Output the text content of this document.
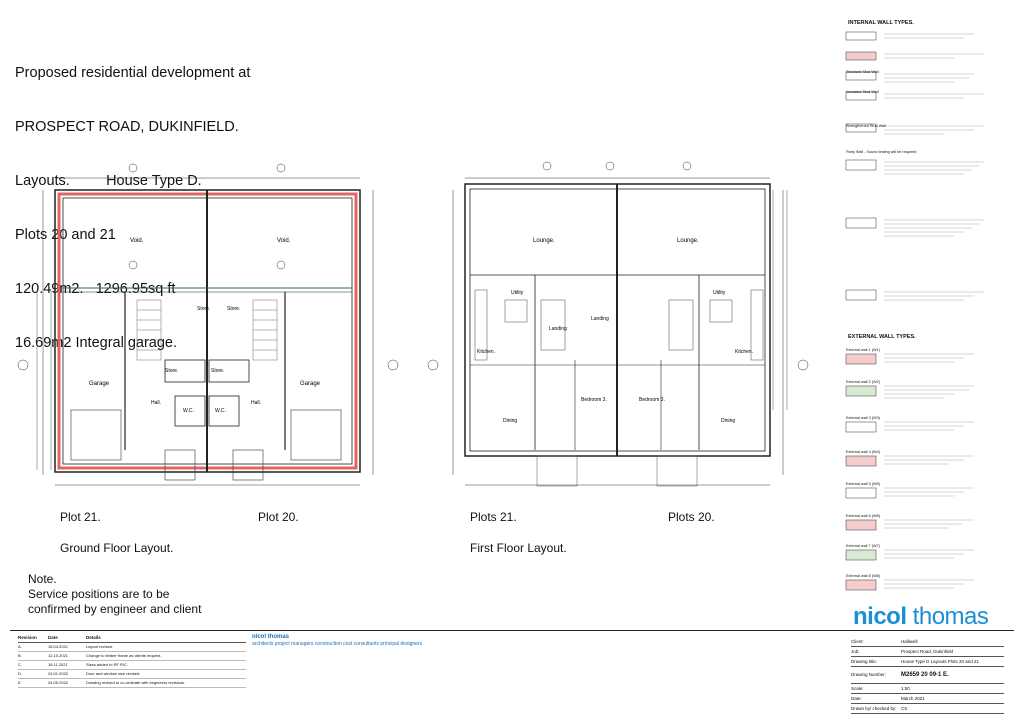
Proposed residential development at

PROSPECT ROAD, DUKINFIELD.

Layouts.         House Type D.

Plots 20 and 21

120.49m2.   1296.95sq ft

16.69m2 Integral garage.

Void.	Void.
Garage	Garage
Store.	Store.
Store.	Store.
Hall.	Hall.
W.C.	W.C.
Lounge.	Lounge.
Kitchen.	Kitchen.
Utility	Utility
Landing
Landing
Bedroom 3.	Bedroom 3.
Dining	Dining
Plot 21.	Plot 20.
Ground Floor Layout.
Plots 21.	Plots 20.
First Floor Layout.
Note.
Service positions are to be
confirmed by engineer and client
INTERNAL WALL TYPES.
Standard Stud Wall
Insulated Stud Wall
Strengthened Stud Wall
Party Wall - Sound testing will be required
EXTERNAL WALL TYPES.
External wall 1 (W1)
External wall 2 (W2)
External wall 3 (W3)
External wall 4 (W4)
External wall 5 (W5)
External wall 6 (W6)
External wall 7 (W7)
External wall 8 (W8)
nicol thomas
Revision	Date	Details
A.	18.04.2021	Layout revised.
B.	12.10.2021	Change to timber frame as clients request.
C.	18.11.2021	Sizes added to RF R/C.
D.	24.01.2022	Door and window size revised.
E.	24.05.2022	Drawing revised to co-ordinate with engineers revisions.
nicol thomas
architects project managers construction cost consultants principal designers	Client:	Halliwell
Job:	Prospect Road, Dukinfield
Drawing title:	House Type D Layouts Plots 20 and 21
Drawing Number:	M2659 20 09-1 E.
Scale:	1:50
Date:	March 2021
Drawn by/ checked by: CS
